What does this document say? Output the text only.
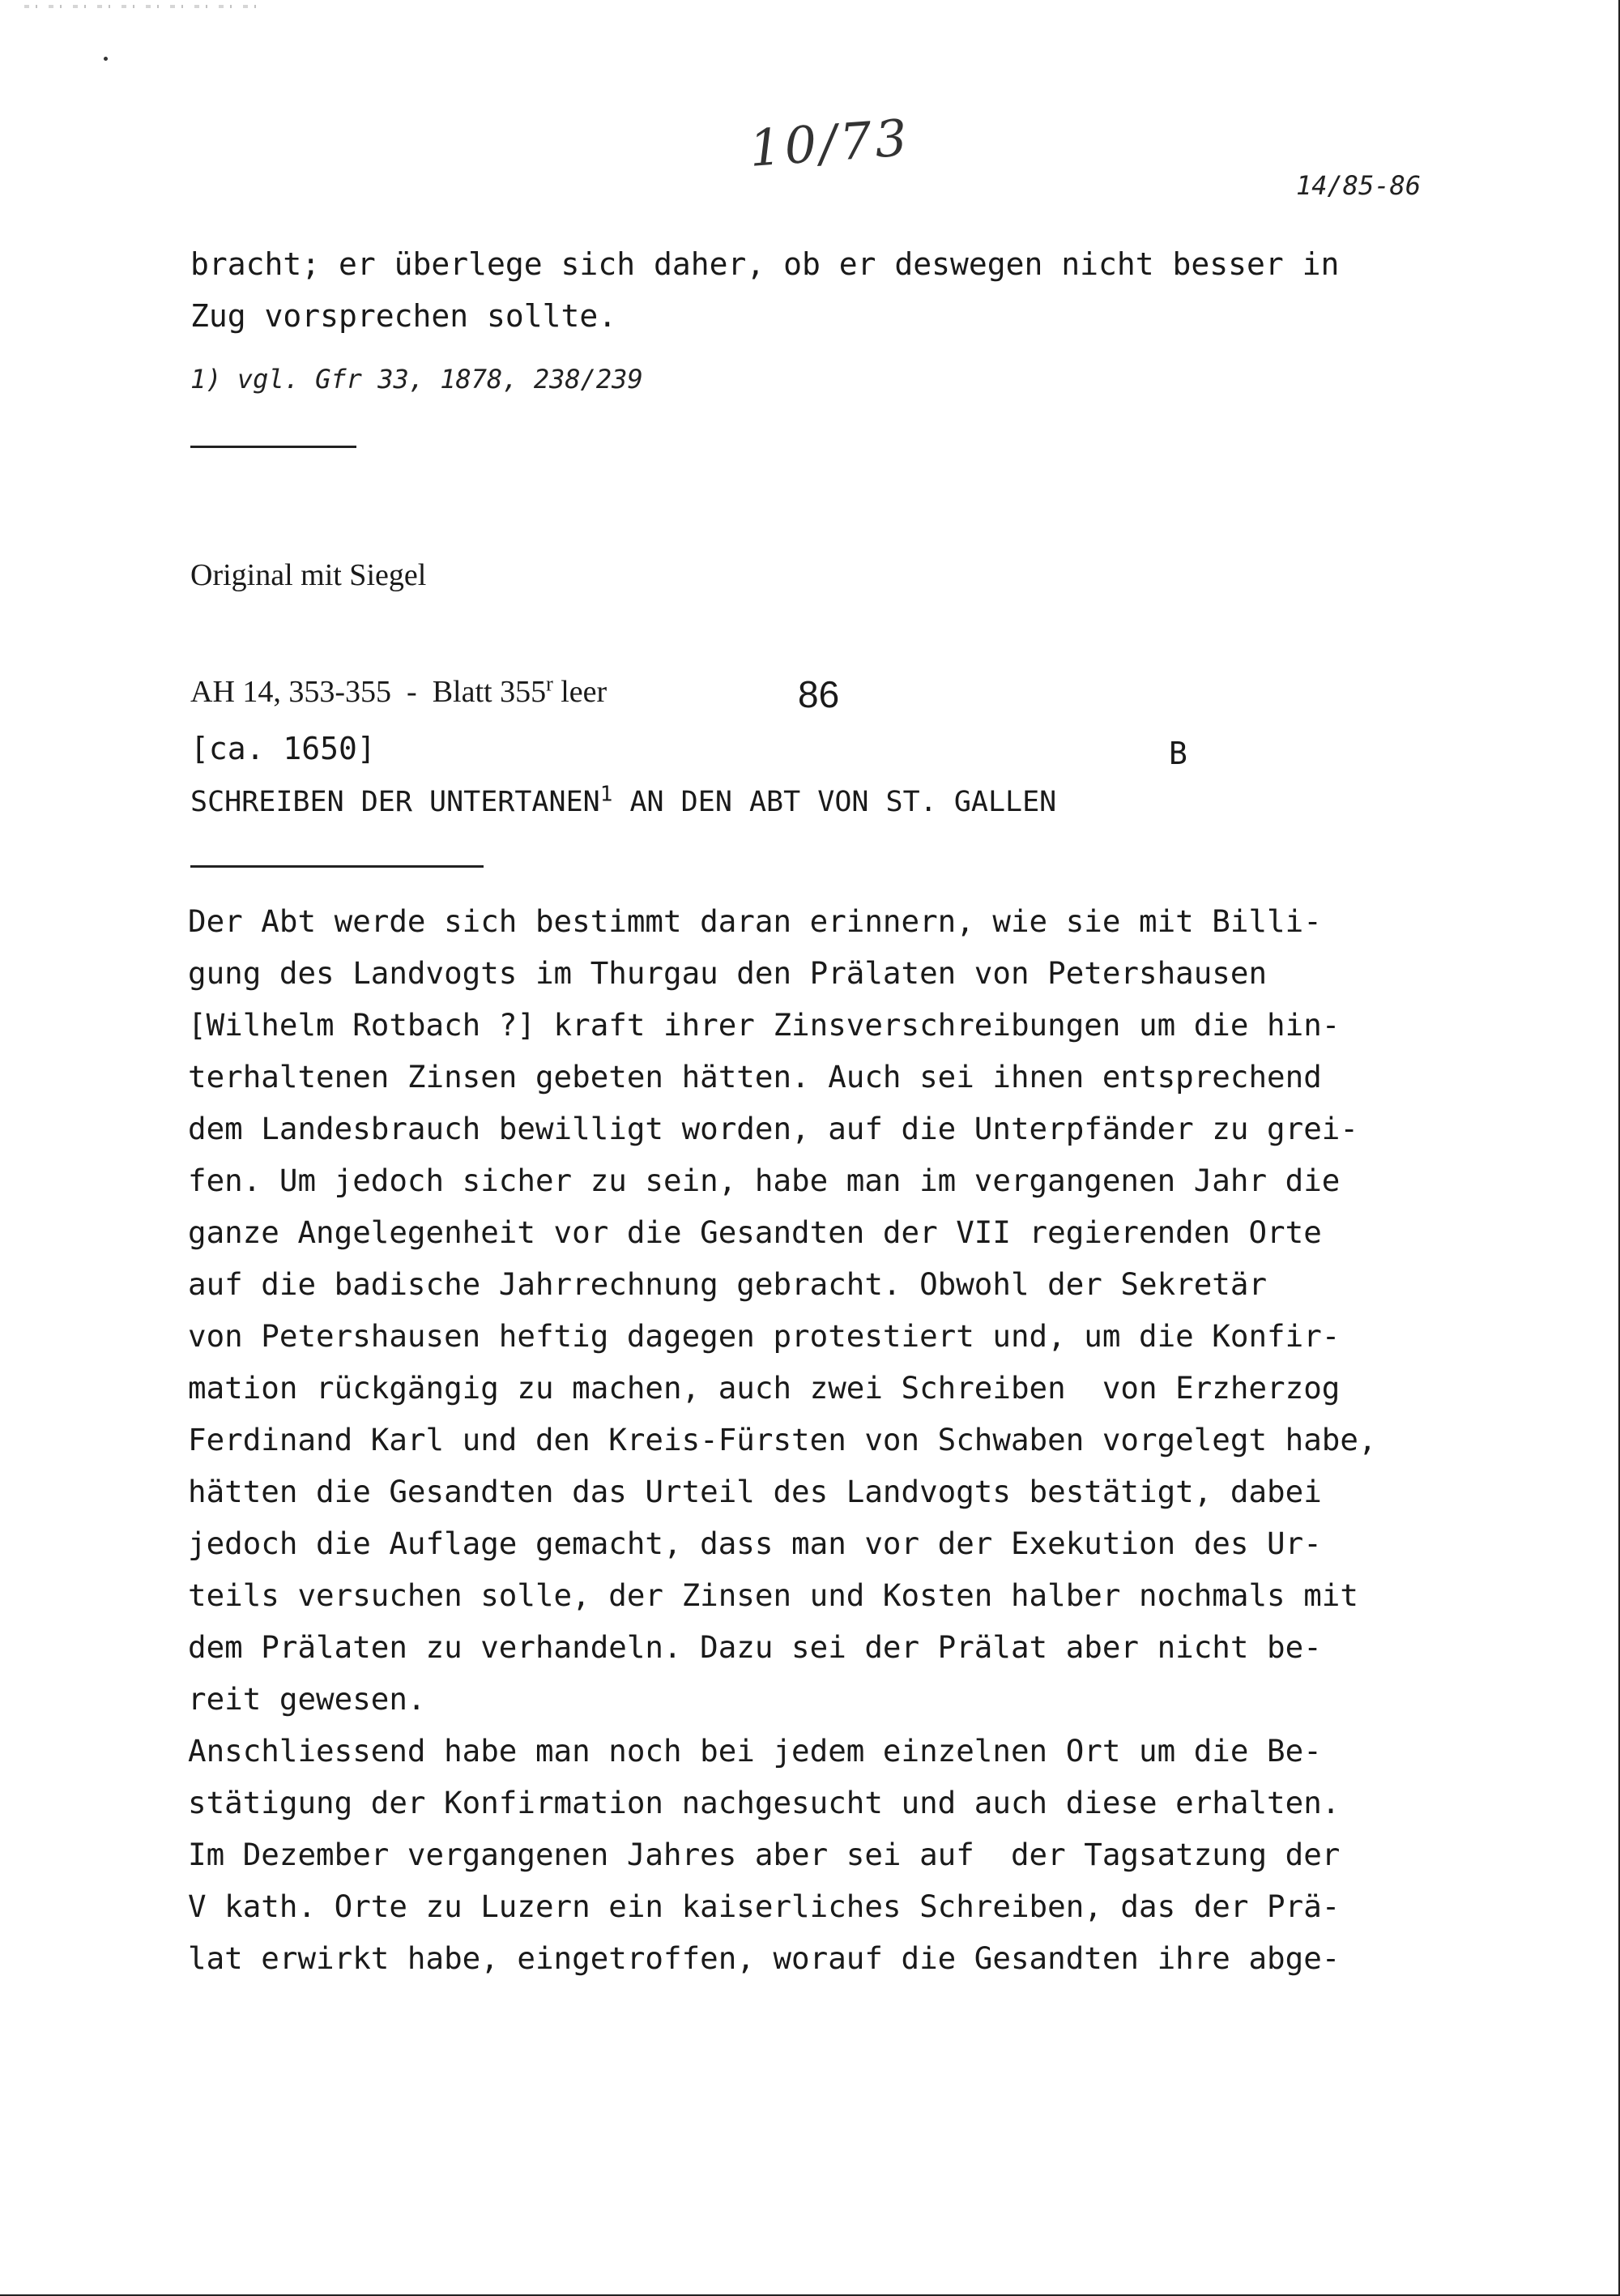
10/73
14/85-86
bracht; er überlege sich daher, ob er deswegen nicht besser in
Zug vorsprechen sollte.
1) vgl. Gfr 33, 1878, 238/239

Original mit Siegel

AH 14, 353-355  -  Blatt 355$^r$ leer

	86
[ca. 1650]	B
SCHREIBEN DER UNTERTANEN$^1$ AN DEN ABT VON ST. GALLEN
Der Abt werde sich bestimmt daran erinnern, wie sie mit Billi-
gung des Landvogts im Thurgau den Prälaten von Petershausen
[Wilhelm Rotbach ?] kraft ihrer Zinsverschreibungen um die hin-
terhaltenen Zinsen gebeten hätten. Auch sei ihnen entsprechend
dem Landesbrauch bewilligt worden, auf die Unterpfänder zu grei-
fen. Um jedoch sicher zu sein, habe man im vergangenen Jahr die
ganze Angelegenheit vor die Gesandten der VII regierenden Orte
auf die badische Jahrrechnung gebracht. Obwohl der Sekretär
von Petershausen heftig dagegen protestiert und, um die Konfir-
mation rückgängig zu machen, auch zwei Schreiben  von Erzherzog
Ferdinand Karl und den Kreis-Fürsten von Schwaben vorgelegt habe,
hätten die Gesandten das Urteil des Landvogts bestätigt, dabei
jedoch die Auflage gemacht, dass man vor der Exekution des Ur-
teils versuchen solle, der Zinsen und Kosten halber nochmals mit
dem Prälaten zu verhandeln. Dazu sei der Prälat aber nicht be-
reit gewesen.
Anschliessend habe man noch bei jedem einzelnen Ort um die Be-
stätigung der Konfirmation nachgesucht und auch diese erhalten.
Im Dezember vergangenen Jahres aber sei auf  der Tagsatzung der
V kath. Orte zu Luzern ein kaiserliches Schreiben, das der Prä-
lat erwirkt habe, eingetroffen, worauf die Gesandten ihre abge-
